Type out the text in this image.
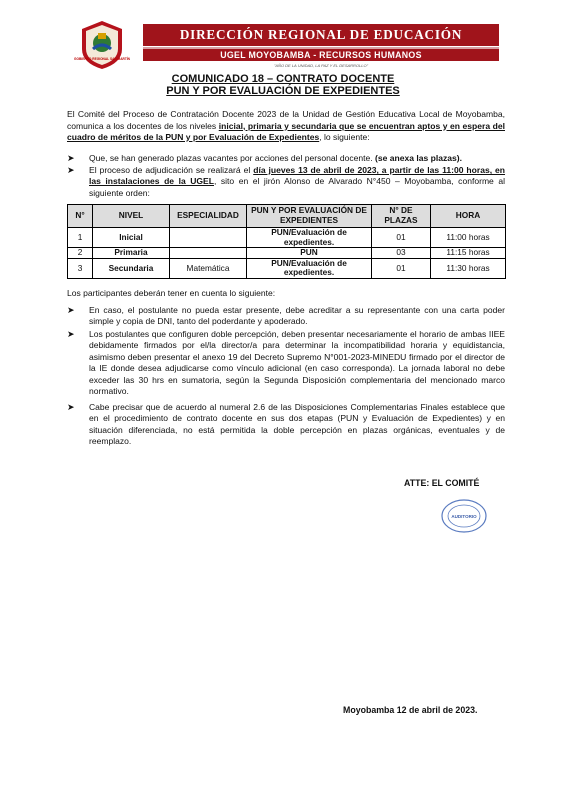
GOBIERNO REGIONAL SAN MARTÍN
DIRECCIÓN REGIONAL DE EDUCACIÓN
UGEL MOYOBAMBA - RECURSOS HUMANOS
"AÑO DE LA UNIDAD, LA PAZ Y EL DESARROLLO"
COMUNICADO 18 – CONTRATO DOCENTE
PUN Y POR EVALUACIÓN DE EXPEDIENTES
El Comité del Proceso de Contratación Docente 2023 de la Unidad de Gestión Educativa Local de Moyobamba, comunica a los docentes de los niveles inicial, primaria y secundaria que se encuentran aptos y en espera del cuadro de méritos de la PUN y por Evaluación de Expedientes, lo siguiente:
➤	Que, se han generado plazas vacantes por acciones del personal docente. (se anexa las plazas).
➤	El proceso de adjudicación se realizará el día jueves 13 de abril de 2023, a partir de las 11:00 horas, en las instalaciones de la UGEL, sito en el jirón Alonso de Alvarado N°450 – Moyobamba, conforme al siguiente orden:
N°	NIVEL	ESPECIALIDAD	PUN Y POR EVALUACIÓN DE EXPEDIENTES	N° DE PLAZAS	HORA
1	Inicial		PUN/Evaluación de expedientes.	01	11:00 horas
2	Primaria		PUN	03	11:15 horas
3	Secundaria	Matemática	PUN/Evaluación de expedientes.	01	11:30 horas
Los participantes deberán tener en cuenta lo siguiente:
➤	En caso, el postulante no pueda estar presente, debe acreditar a su representante con una carta poder simple y copia de DNI, tanto del poderdante y apoderado.
➤	Los postulantes que configuren doble percepción, deben presentar necesariamente el horario de ambas IIEE debidamente firmados por el/la director/a para determinar la incompatibilidad horaria y equidistancia, asimismo deben presentar el anexo 19 del Decreto Supremo N°001-2023-MINEDU firmado por el director de la IE donde desea adjudicarse como vínculo adicional (en caso corresponda). La jornada laboral no debe exceder las 30 hrs en sumatoria, según la Segunda Disposición complementaria del mencionado marco normativo.
➤	Cabe precisar que de acuerdo al numeral 2.6 de las Disposiciones Complementarias Finales establece que en el procedimiento de contrato docente en sus dos etapas (PUN y Evaluación de Expedientes) y en situación diferenciada, no está permitida la doble percepción en plazas orgánicas, eventuales y de reemplazo.
ATTE: EL COMITÉ
AUDITORIO
Moyobamba 12 de abril de 2023.
